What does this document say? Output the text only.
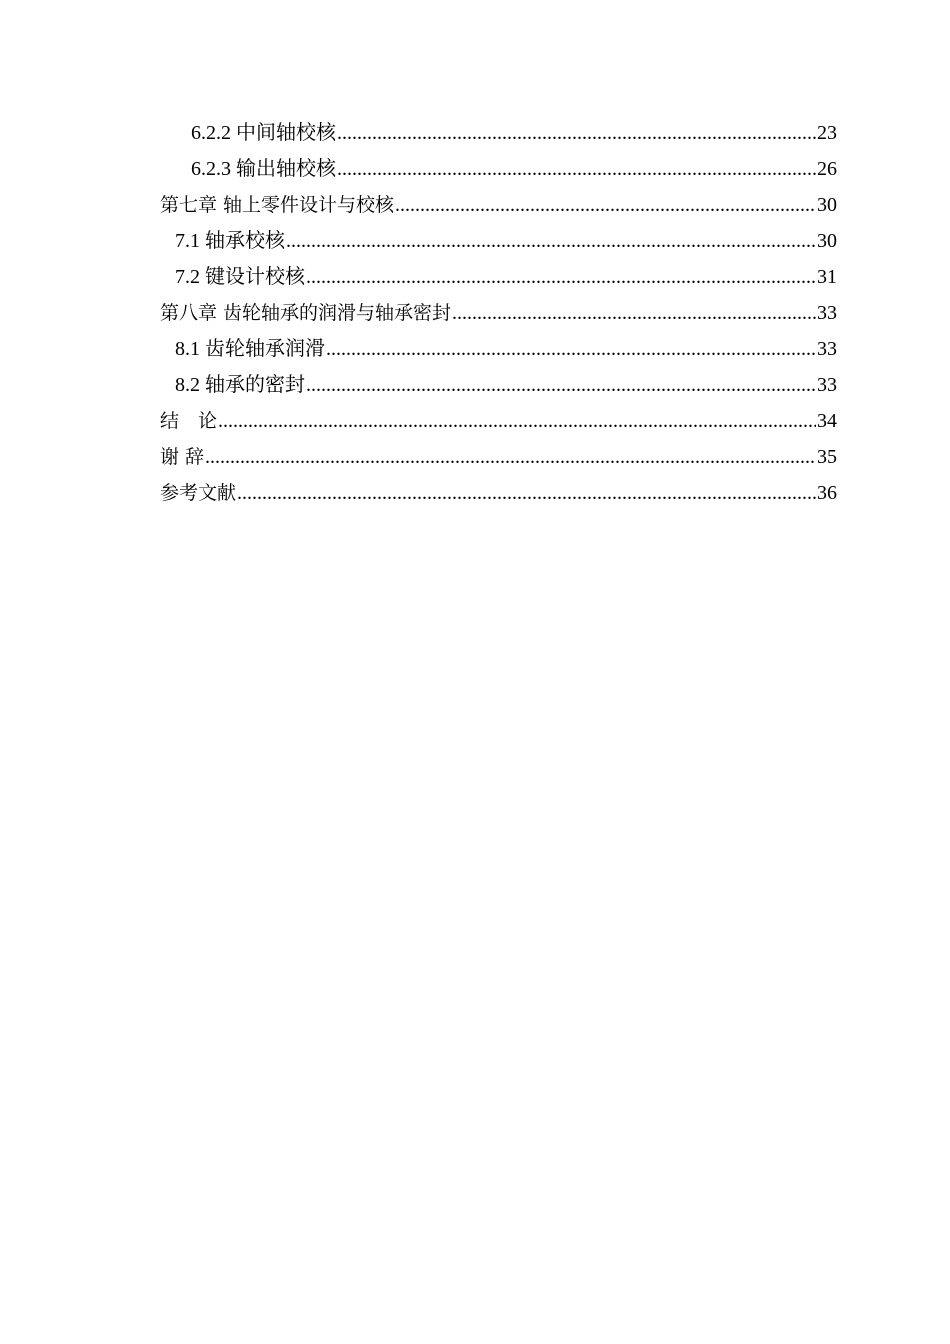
6.2.2 中间轴校核 .....	23
6.2.3 输出轴校核 .....	26
第七章 轴上零件设计与校核 .....	30
7.1 轴承校核 .....	30
7.2 键设计校核 .....	31
第八章 齿轮轴承的润滑与轴承密封 .....	33
8.1 齿轮轴承润滑 .....	33
8.2 轴承的密封 .....	33
结　论 .....	34
谢 辞 .....	35
参考文献 .....	36
